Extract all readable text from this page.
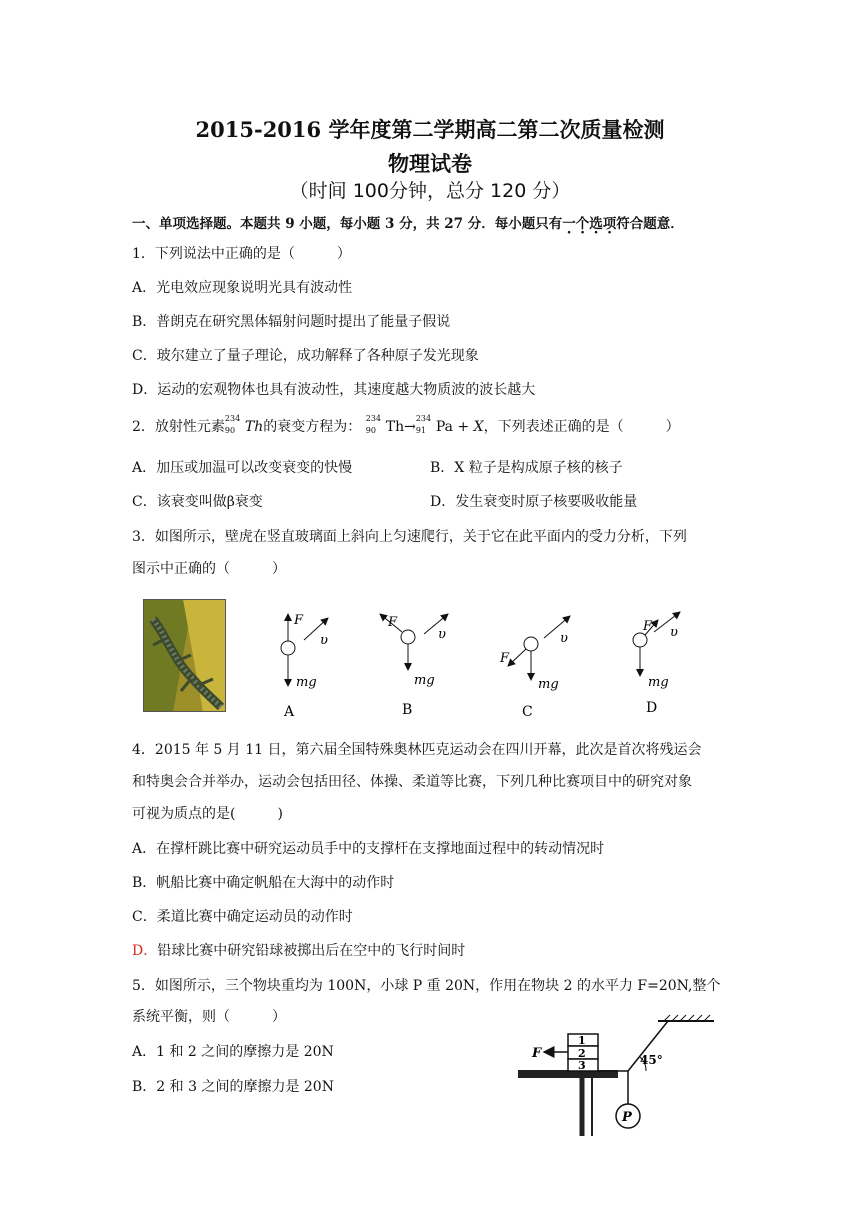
2015-2016 学年度第二学期高二第二次质量检测
物理试卷
（时间 100分钟，总分 120 分）
一、单项选择题。本题共 9 小题，每小题 3 分，共 27 分．每小题只有一个选项符合题意．
1．下列说法中正确的是（　　　）
A．光电效应现象说明光具有波动性
B．普朗克在研究黑体辐射问题时提出了能量子假说
C．玻尔建立了量子理论，成功解释了各种原子发光现象
D．运动的宏观物体也具有波动性，其速度越大物质波的波长越大
2．放射性元素
234
90 Th的衰变方程为：
234
90 Th→
234
91 Pa + X，下列表述正确的是（　　　）
A．加压或加温可以改变衰变的快慢	B．X 粒子是构成原子核的核子
C．该衰变叫做β衰变	D．发生衰变时原子核要吸收能量
3．如图所示，壁虎在竖直玻璃面上斜向上匀速爬行，关于它在此平面内的受力分析，下列
图示中正确的（　　　）
F
υ
mg
A
F
υ
mg
B
F
υ
mg
C
F υ
mg
D
4．2015 年 5 月 11 日，第六届全国特殊奥林匹克运动会在四川开幕，此次是首次将残运会
和特奥会合并举办，运动会包括田径、体操、柔道等比赛，下列几种比赛项目中的研究对象
可视为质点的是(　　　)
A．在撑杆跳比赛中研究运动员手中的支撑杆在支撑地面过程中的转动情况时
B．帆船比赛中确定帆船在大海中的动作时
C．柔道比赛中确定运动员的动作时
D．铅球比赛中研究铅球被掷出后在空中的飞行时间时
5．如图所示，三个物块重均为 100N，小球 P 重 20N，作用在物块 2 的水平力 F=20N,整个
系统平衡，则（　　　）
A．1 和 2 之间的摩擦力是 20N
B．2 和 3 之间的摩擦力是 20N
1
2
3
F	45°
P
